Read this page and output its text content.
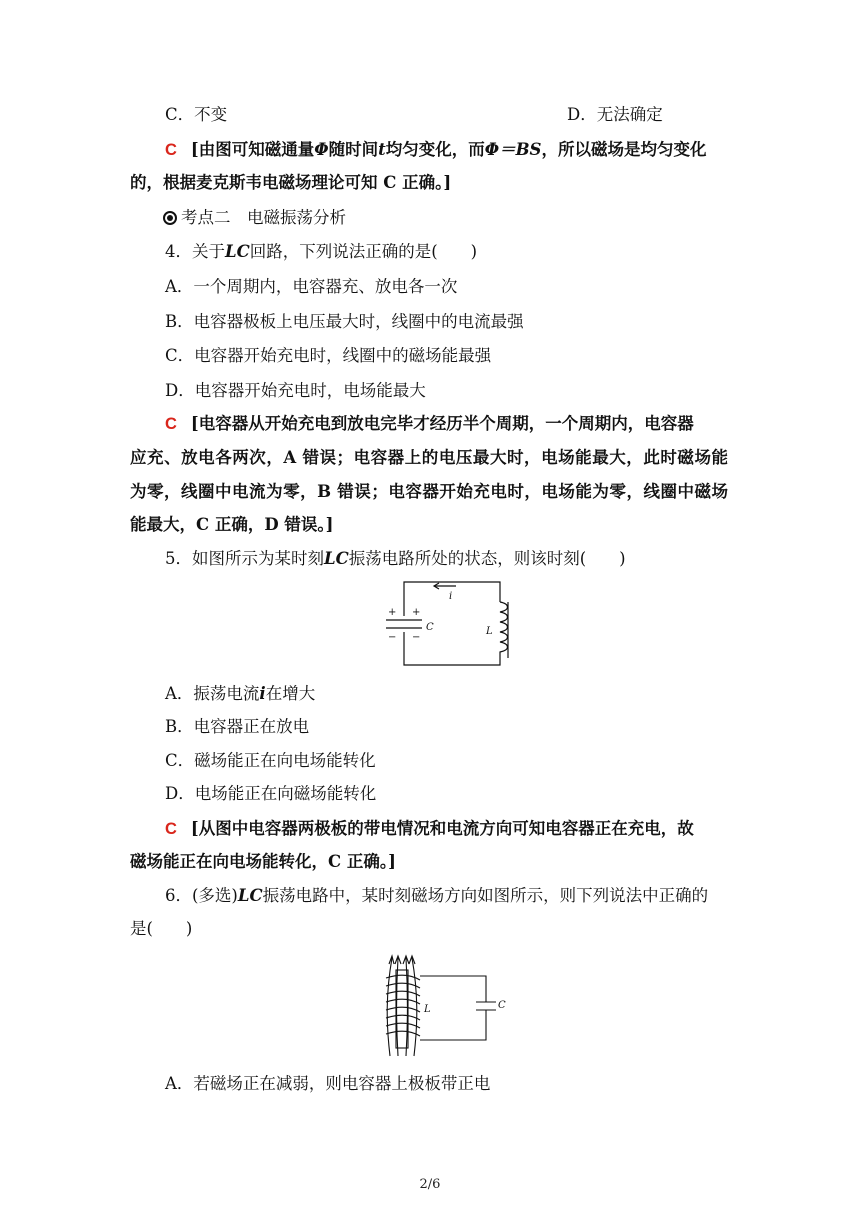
C．不变	D．无法确定
C [由图可知磁通量Φ随时间t均匀变化，而Φ＝BS，所以磁场是均匀变化
的，根据麦克斯韦电磁场理论可知 C 正确。]
考点二　电磁振荡分析
4．关于LC回路，下列说法正确的是(　　)
A．一个周期内，电容器充、放电各一次
B．电容器极板上电压最大时，线圈中的电流最强
C．电容器开始充电时，线圈中的磁场能最强
D．电容器开始充电时，电场能最大
C [电容器从开始充电到放电完毕才经历半个周期，一个周期内，电容器
应充、放电各两次，A 错误；电容器上的电压最大时，电场能最大，此时磁场能
为零，线圈中电流为零，B 错误；电容器开始充电时，电场能为零，线圈中磁场
能最大，C 正确，D 错误。]
5．如图所示为某时刻LC振荡电路所处的状态，则该时刻(　　)
i
+ +
− −
C	L
A．振荡电流i在增大
B．电容器正在放电
C．磁场能正在向电场能转化
D．电场能正在向磁场能转化
C [从图中电容器两极板的带电情况和电流方向可知电容器正在充电，故
磁场能正在向电场能转化，C 正确。]
6．(多选)LC振荡电路中，某时刻磁场方向如图所示，则下列说法中正确的
是(　　)
L	C
A．若磁场正在减弱，则电容器上极板带正电
2/6
